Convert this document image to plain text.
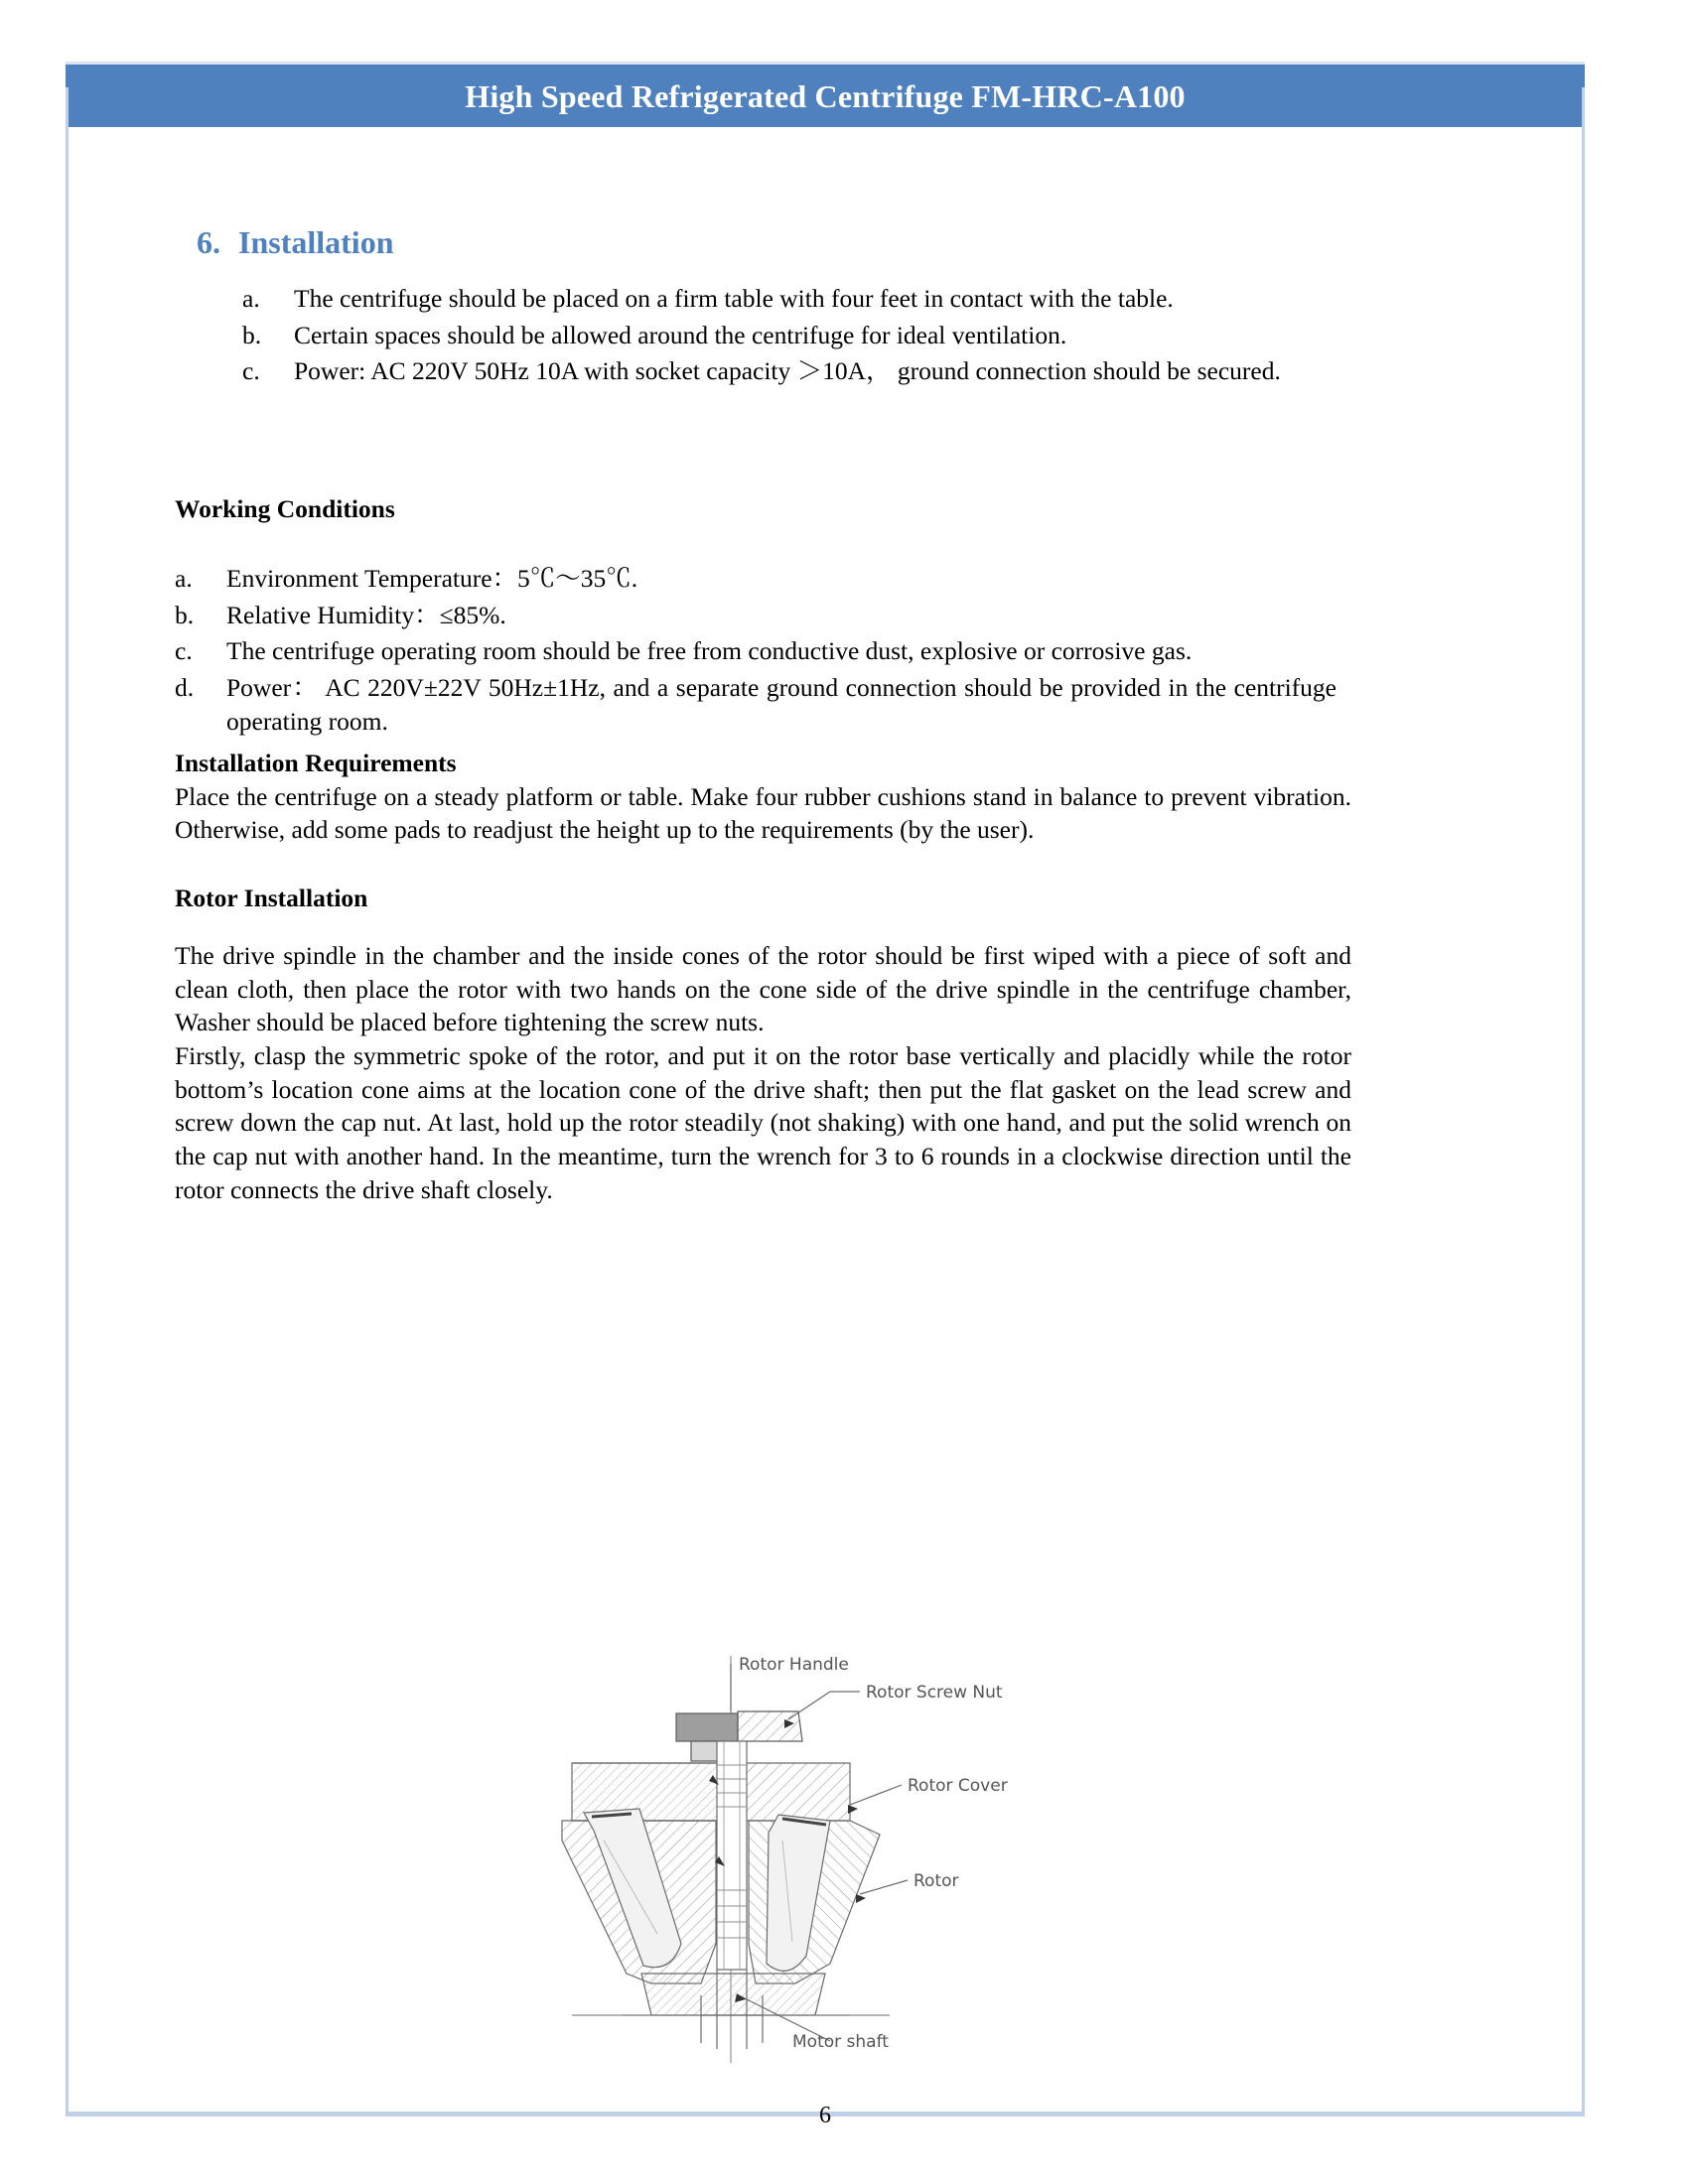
High Speed Refrigerated Centrifuge FM-HRC-A100
6. Installation
a.	The centrifuge should be placed on a firm table with four feet in contact with the table.
b.	Certain spaces should be allowed around the centrifuge for ideal ventilation.
c.	Power: AC 220V 50Hz 10A with socket capacity ＞10A， ground connection should be secured.
Working Conditions
a.	Environment Temperature：5℃～35℃.
b.	Relative Humidity：≤85%.
c.	The centrifuge operating room should be free from conductive dust, explosive or corrosive gas.
d.	Power： AC 220V±22V 50Hz±1Hz, and a separate ground connection should be provided in the centrifuge operating room.
Installation Requirements

Place the centrifuge on a steady platform or table. Make four rubber cushions stand in balance to prevent vibration. Otherwise, add some pads to readjust the height up to the requirements (by the user).

Rotor Installation

The drive spindle in the chamber and the inside cones of the rotor should be first wiped with a piece of soft and clean cloth, then place the rotor with two hands on the cone side of the drive spindle in the centrifuge chamber, Washer should be placed before tightening the screw nuts.

Firstly, clasp the symmetric spoke of the rotor, and put it on the rotor base vertically and placidly while the rotor bottom’s location cone aims at the location cone of the drive shaft; then put the flat gasket on the lead screw and screw down the cap nut. At last, hold up the rotor steadily (not shaking) with one hand, and put the solid wrench on the cap nut with another hand. In the meantime, turn the wrench for 3 to 6 rounds in a clockwise direction until the rotor connects the drive shaft closely.

Rotor Handle
Rotor Screw Nut
Rotor Cover
Rotor
Motor shaft
6
